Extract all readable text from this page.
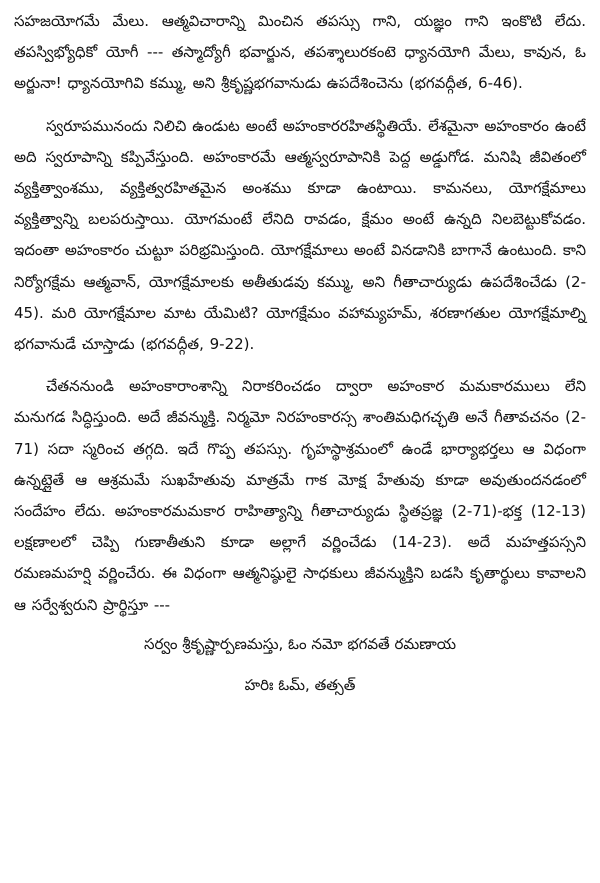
సహజయోగమే మేలు. ఆత్మవిచారాన్ని మించిన తపస్సు గాని, యజ్ఞం గాని ఇంకొటి లేదు. తపస్విభ్యోధికో యోగీ --- తస్మాద్యోగీ భవార్జున, తపశ్శాలురకంటె ధ్యానయోగి మేలు, కావున, ఓ అర్జునా! ధ్యానయోగివి కమ్ము, అని శ్రీకృష్ణభగవానుడు ఉపదేశించెను (భగవద్గీత, 6-46).

స్వరూపమునందు నిలిచి ఉండుట అంటే అహంకారరహితస్థితియే. లేశమైనా అహంకారం ఉంటే అది స్వరూపాన్ని కప్పివేస్తుంది. అహంకారమే ఆత్మస్వరూపానికి పెద్ద అడ్డుగోడ. మనిషి జీవితంలో వ్యక్తిత్వాంశము, వ్యక్తిత్వరహితమైన అంశము కూడా ఉంటాయి. కామనలు, యోగక్షేమాలు వ్యక్తిత్వాన్ని బలపరుస్తాయి. యోగమంటే లేనిది రావడం, క్షేమం అంటే ఉన్నది నిలబెట్టుకోవడం. ఇదంతా అహంకారం చుట్టూ పరిభ్రమిస్తుంది. యోగక్షేమాలు అంటే వినడానికి బాగానే ఉంటుంది. కాని నిర్యోగక్షేమ ఆత్మవాన్, యోగక్షేమాలకు అతీతుడవు కమ్ము, అని గీతాచార్యుడు ఉపదేశించేడు (2-45). మరి యోగక్షేమాల మాట యేమిటి? యోగక్షేమం వహామ్యహమ్, శరణాగతుల యోగక్షేమాల్ని భగవానుడే చూస్తాడు (భగవద్గీత, 9-22).

చేతననుండి అహంకారాంశాన్ని నిరాకరించడం ద్వారా అహంకార మమకారములు లేని మనుగడ సిద్ధిస్తుంది. అదే జీవన్ముక్తి. నిర్మమో నిరహంకారస్స శాంతిమధిగచ్ఛతి అనే గీతావచనం (2-71) సదా స్మరించ తగ్గది. ఇదే గొప్ప తపస్సు. గృహస్థాశ్రమంలో ఉండే భార్యాభర్తలు ఆ విధంగా ఉన్నట్లైతే ఆ ఆశ్రమమే సుఖహేతువు మాత్రమే గాక మోక్ష హేతువు కూడా అవుతుందనడంలో సందేహం లేదు. అహంకారమమకార రాహిత్యాన్ని గీతాచార్యుడు స్థితప్రజ్ఞ (2-71)-భక్త (12-13) లక్షణాలలో చెప్పి గుణాతీతుని కూడా అల్లాగే వర్ణించేడు (14-23). అదే మహత్తపస్సని రమణమహర్షి వర్ణించేరు. ఈ విధంగా ఆత్మనిష్ఠులై సాధకులు జీవన్ముక్తిని బడసి కృతార్థులు కావాలని ఆ సర్వేశ్వరుని ప్రార్థిస్తూ ---

సర్వం శ్రీకృష్ణార్పణమస్తు, ఓం నమో భగవతే రమణాయ

హరిః ఓమ్, తత్సత్
